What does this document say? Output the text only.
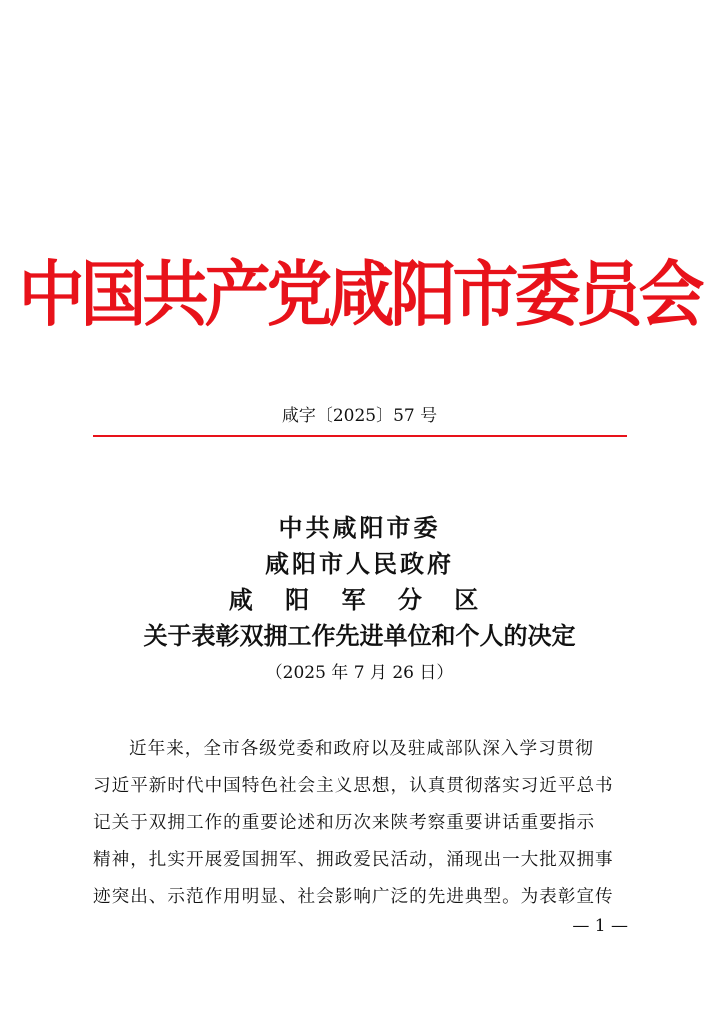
中国共产党咸阳市委员会
咸字〔2025〕57 号
中共咸阳市委
咸阳市人民政府
咸 阳 军 分 区
关于表彰双拥工作先进单位和个人的决定
（2025 年 7 月 26 日）

近年来，全市各级党委和政府以及驻咸部队深入学习贯彻
习近平新时代中国特色社会主义思想，认真贯彻落实习近平总书
记关于双拥工作的重要论述和历次来陕考察重要讲话重要指示
精神，扎实开展爱国拥军、拥政爱民活动，涌现出一大批双拥事
迹突出、示范作用明显、社会影响广泛的先进典型。为表彰宣传

— 1 —
